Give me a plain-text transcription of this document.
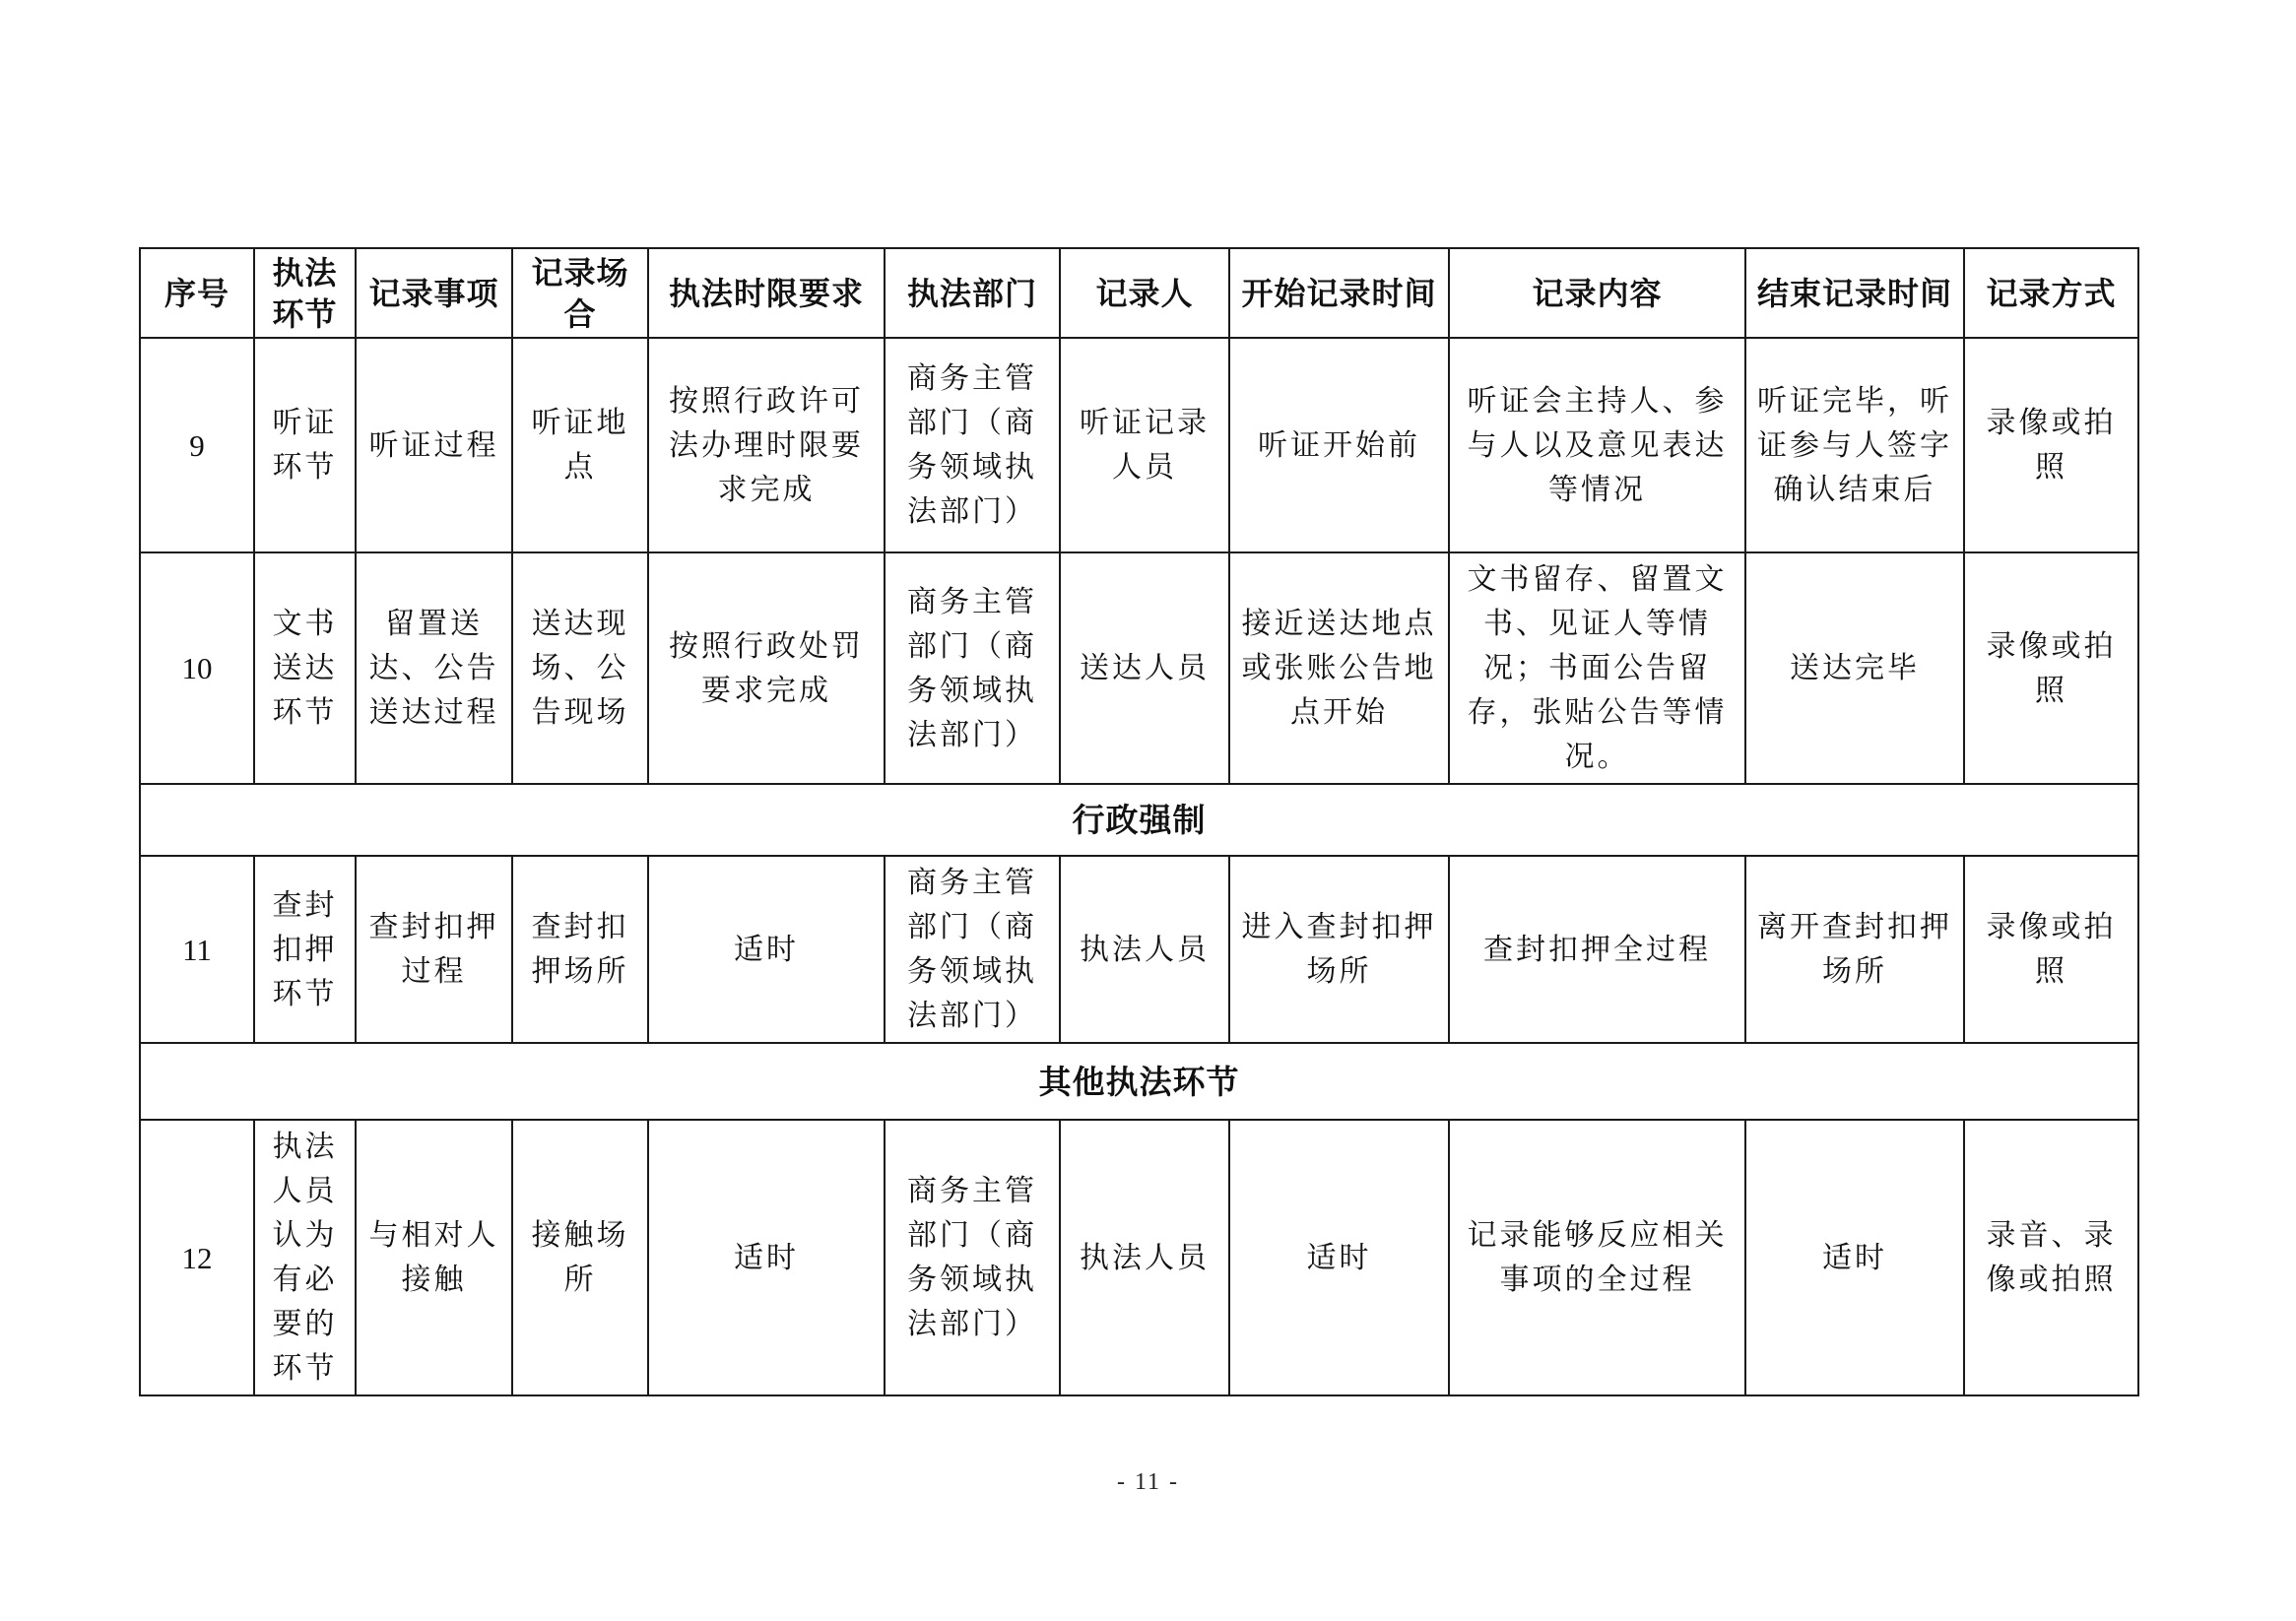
序号	执法环节	记录事项	记录场合	执法时限要求	执法部门	记录人	开始记录时间	记录内容	结束记录时间	记录方式
9	听证环节	听证过程	听证地点	按照行政许可法办理时限要求完成	商务主管部门（商务领域执法部门）	听证记录人员	听证开始前	听证会主持人、参与人以及意见表达等情况	听证完毕，听证参与人签字确认结束后	录像或拍照
10	文书送达环节	留置送达、公告送达过程	送达现场、公告现场	按照行政处罚要求完成	商务主管部门（商务领域执法部门）	送达人员	接近送达地点或张账公告地点开始	文书留存、留置文书、见证人等情况；书面公告留存，张贴公告等情况。	送达完毕	录像或拍照
行政强制										
11	查封扣押环节	查封扣押过程	查封扣押场所	适时	商务主管部门（商务领域执法部门）	执法人员	进入查封扣押场所	查封扣押全过程	离开查封扣押场所	录像或拍照
其他执法环节										
12	执法人员认为有必要的环节	与相对人 接触	接触场所	适时	商务主管部门（商务领域执法部门）	执法人员	适时	记录能够反应相关事项的全过程	适时	录音、录像或拍照
- 11 -
